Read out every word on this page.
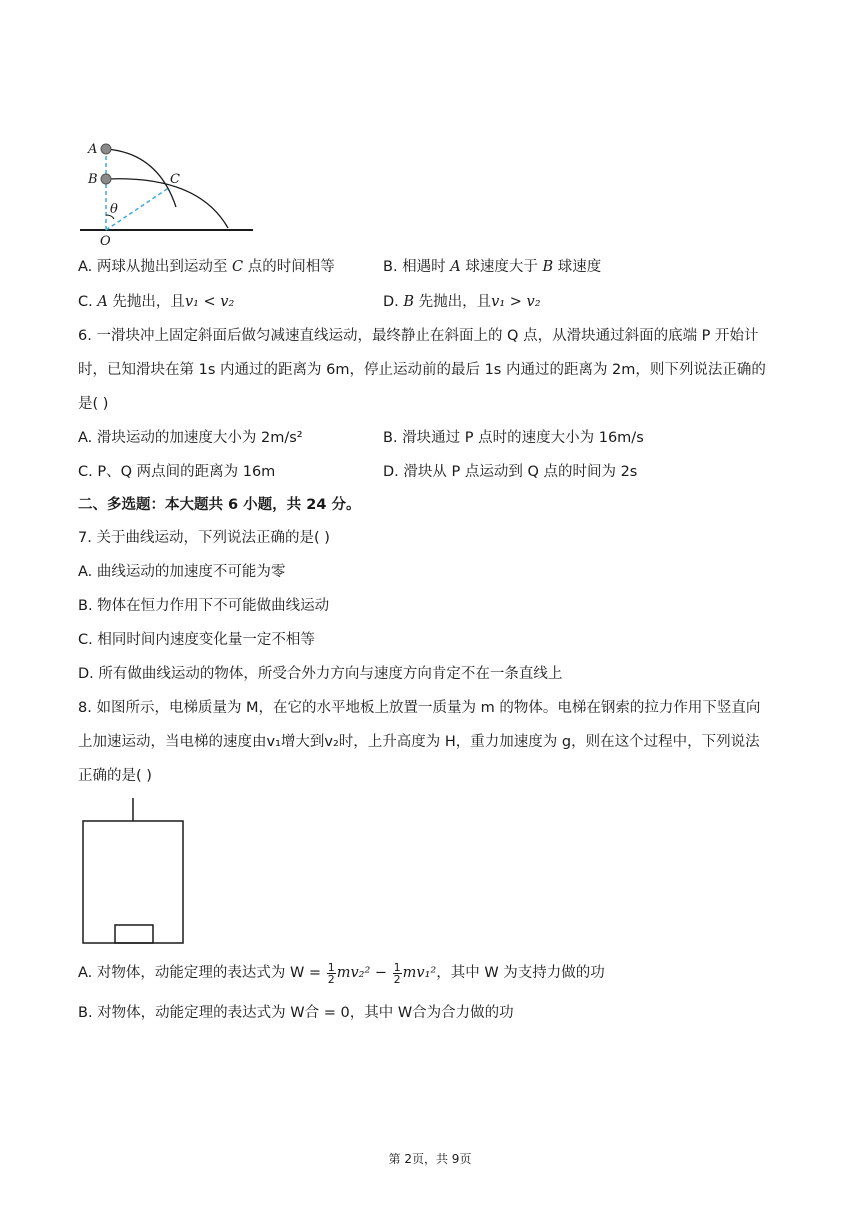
A
B	C
θ
O
A. 两球从抛出到运动至 C 点的时间相等	B. 相遇时 A 球速度大于 B 球速度
C. A 先抛出，且v₁ < v₂	D. B 先抛出，且v₁ > v₂
6. 一滑块冲上固定斜面后做匀减速直线运动，最终静止在斜面上的 Q 点，从滑块通过斜面的底端 P 开始计
时，已知滑块在第 1s 内通过的距离为 6m，停止运动前的最后 1s 内通过的距离为 2m，则下列说法正确的
是( )
A. 滑块运动的加速度大小为 2m/s²	B. 滑块通过 P 点时的速度大小为 16m/s
C. P、Q 两点间的距离为 16m	D. 滑块从 P 点运动到 Q 点的时间为 2s
二、多选题：本大题共 6 小题，共 24 分。
7. 关于曲线运动，下列说法正确的是( )
A. 曲线运动的加速度不可能为零
B. 物体在恒力作用下不可能做曲线运动
C. 相同时间内速度变化量一定不相等
D. 所有做曲线运动的物体，所受合外力方向与速度方向肯定不在一条直线上
8. 如图所示，电梯质量为 M，在它的水平地板上放置一质量为 m 的物体。电梯在钢索的拉力作用下竖直向
上加速运动，当电梯的速度由v₁增大到v₂时，上升高度为 H，重力加速度为 g，则在这个过程中，下列说法
正确的是( )
A. 对物体，动能定理的表达式为 $W = \frac{1}{2} mv_2^2 - \frac{1}{2} mv_1^2$，其中 W 为支持力做的功
B. 对物体，动能定理的表达式为 W合 = 0，其中 W合为合力做的功
第 2页，共 9页
